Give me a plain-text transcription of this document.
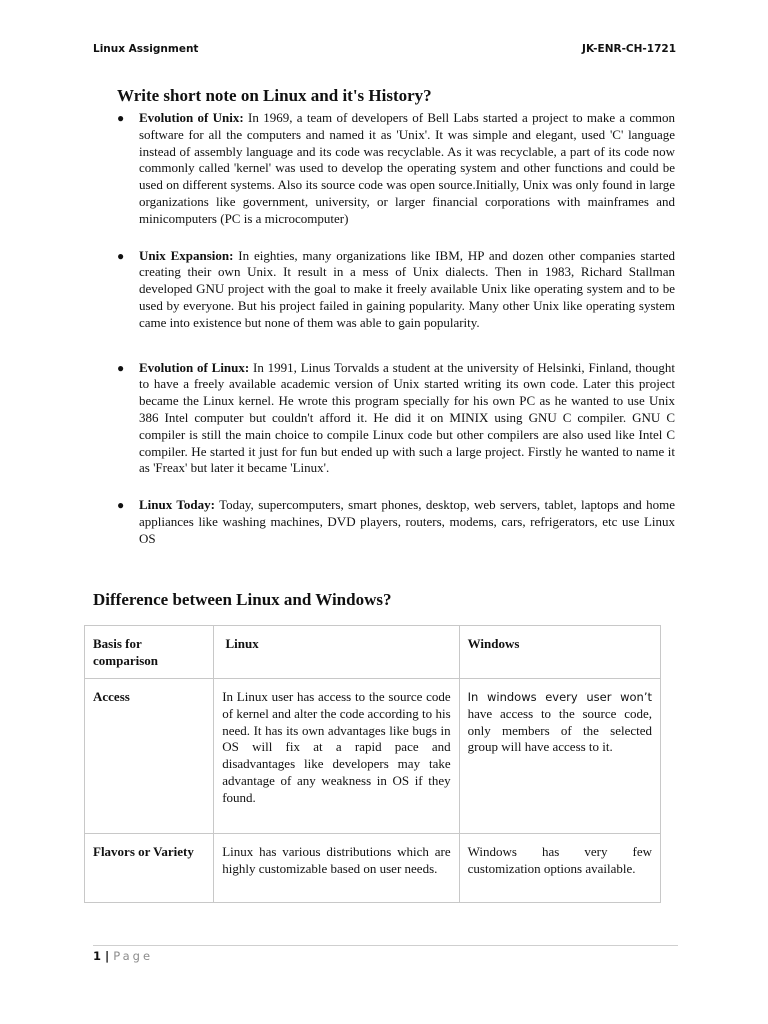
Linux Assignment	JK-ENR-CH-1721
Write short note on Linux and it's History?
● Evolution of Unix: In 1969, a team of developers of Bell Labs started a project to make a common software for all the computers and named it as 'Unix'. It was simple and elegant, used 'C' language instead of assembly language and its code was recyclable. As it was recyclable, a part of its code now commonly called 'kernel' was used to develop the operating system and other functions and could be used on different systems. Also its source code was open source.Initially, Unix was only found in large organizations like government, university, or larger financial corporations with mainframes and minicomputers (PC is a microcomputer)
● Unix Expansion: In eighties, many organizations like IBM, HP and dozen other companies started creating their own Unix. It result in a mess of Unix dialects. Then in 1983, Richard Stallman developed GNU project with the goal to make it freely available Unix like operating system and to be used by everyone. But his project failed in gaining popularity. Many other Unix like operating system came into existence but none of them was able to gain popularity.
● Evolution of Linux: In 1991, Linus Torvalds a student at the university of Helsinki, Finland, thought to have a freely available academic version of Unix started writing its own code. Later this project became the Linux kernel. He wrote this program specially for his own PC as he wanted to use Unix 386 Intel computer but couldn't afford it. He did it on MINIX using GNU C compiler. GNU C compiler is still the main choice to compile Linux code but other compilers are also used like Intel C compiler. He started it just for fun but ended up with such a large project. Firstly he wanted to name it as 'Freax' but later it became 'Linux'.
● Linux Today: Today, supercomputers, smart phones, desktop, web servers, tablet, laptops and home appliances like washing machines, DVD players, routers, modems, cars, refrigerators, etc use Linux OS
Difference between Linux and Windows?
Basis for comparison	Linux	Windows
Access	In Linux user has access to the source code of kernel and alter the code according to his need. It has its own advantages like bugs in OS will fix at a rapid pace and disadvantages like developers may take advantage of any weakness in OS if they found.	In windows every user won’t have access to the source code, only members of the selected group will have access to it.
Flavors or Variety	Linux has various distributions which are highly customizable based on user needs.	Windows has very few customization options available.
1 | Page
